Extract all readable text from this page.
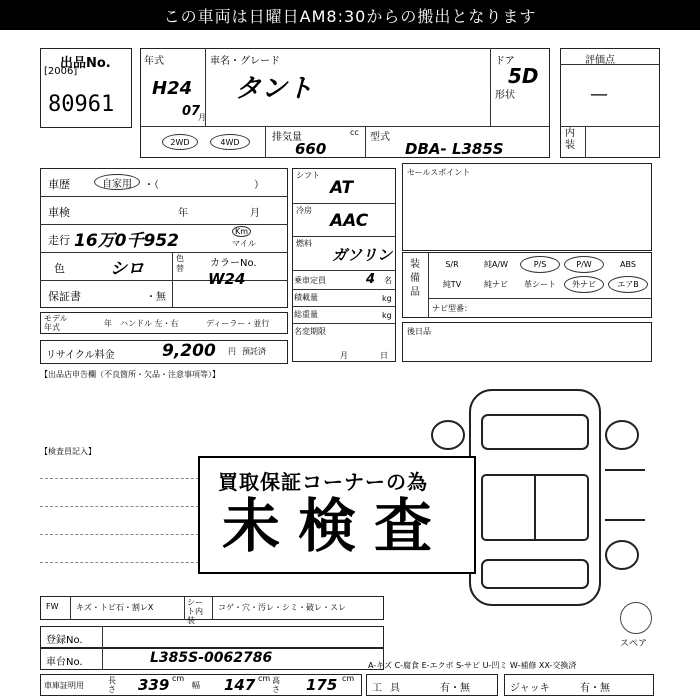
この車両は日曜日AM8:30からの搬出となります
出品No.
[2006]
80961
年式
H24
07
月
車名・グレード
タント
ドア
5D
形状
2WD	4WD	排気量	cc
660
型式
DBA- L385S
評価点
—
内装
車歴	自家用	・（	）
車検	年	月
走行 16万0千952	Km
マイル
色	シロ
色替	カラーNo.
W24
保証書	・無
モデル年式	年 ハンドル 左・右	ディーラー・並行
リサイクル料金	9,200 円 預託済
シフト
AT
冷房
AAC
燃料
ガソリン
乗車定員	4 名
積載量	kg
総重量	kg
名変期限
月	日
セールスポイント
装備品
S/R	純A/W	P/S	P/W	ABS
純TV	純ナビ	革シート	外ナビ	エアB
ナビ型番：
後日品
【出品店申告欄（不良箇所・欠品・注意事項等）】
【検査員記入】
買取保証コーナーの為
未検査
FW キズ・トビ石・割レX
シート内装
コゲ・穴・汚レ・シミ・破レ・スレ
登録No.
車台No.	L385S-0062786
スペア
A-キズ C-腐食 E-エクボ S-サビ U-凹ミ W-補修 XX-交換済
車庫証明用
長さ 339 cm
幅 147 cm 高さ 175 cm
工具	有・無	ジャッキ	有・無
